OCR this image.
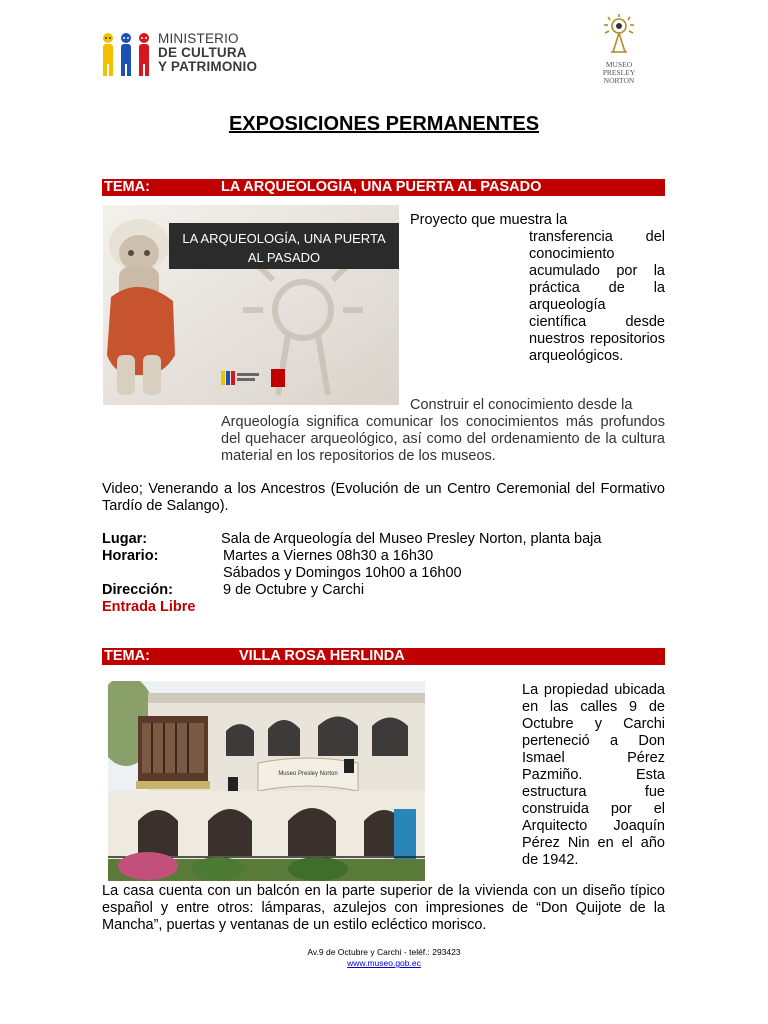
MINISTERIO
DE CULTURA
Y PATRIMONIO	MUSEO
PRESLEY
NORTON
EXPOSICIONES PERMANENTES
TEMA:	LA ARQUEOLOGÍA, UNA PUERTA AL PASADO
LA ARQUEOLOGÍA, UNA PUERTA
AL PASADO
Proyecto que muestra la
transferencia del conocimiento acumulado por la práctica de la arqueología científica desde nuestros repositorios arqueológicos.
Construir el conocimiento desde la
Arqueología significa comunicar los conocimientos más profundos del quehacer arqueológico, así como del ordenamiento de la cultura material en los repositorios de los museos.
Video; Venerando a los Ancestros (Evolución de un Centro Ceremonial del Formativo Tardío de Salango).
Lugar:	Sala de Arqueología del Museo Presley Norton, planta baja
Horario:	Martes a Viernes 08h30 a 16h30
Sábados y Domingos 10h00 a 16h00
Dirección:	9 de Octubre y Carchi
Entrada Libre
TEMA:	VILLA ROSA HERLINDA
Museo Presley Norton
La propiedad ubicada en las calles 9 de Octubre y Carchi perteneció a Don Ismael Pérez Pazmiño. Esta estructura fue construida por el Arquitecto Joaquín Pérez Nin en el año de 1942.
La casa cuenta con un balcón en la parte superior de la vivienda con un diseño típico español y entre otros: lámparas, azulejos con impresiones de “Don Quijote de la Mancha”, puertas y ventanas de un estilo ecléctico morisco.
Av.9 de Octubre y Carchi - teléf.: 293423
www.museo.gob.ec
